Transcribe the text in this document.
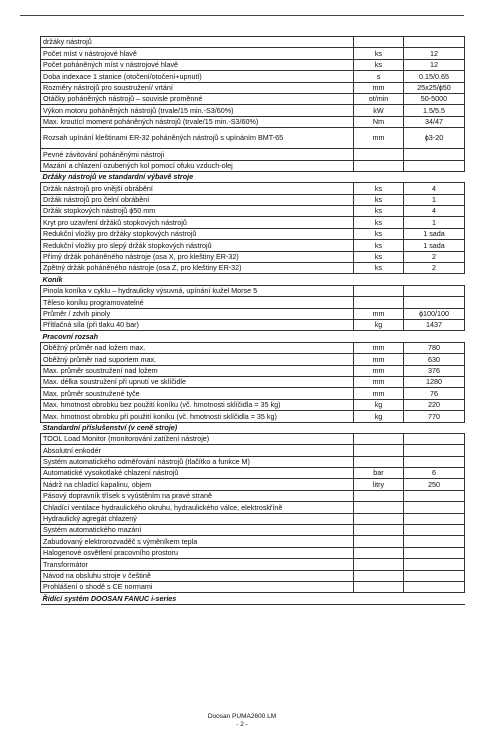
držáky nástrojů		
Počet míst v nástrojové hlavě	ks	12
Počet poháněných míst v nástrojové hlavě	ks	12
Doba indexace 1 stanice (otočení/otočení+upnutí)	s	0.15/0.65
Rozměry nástrojů pro soustružení/ vrtání	mm	25x25/ϕ50
Otáčky poháněných nástrojů – souvisle proměnné	ot/min	50-5000
Výkon motoru poháněných nástrojů (trvale/15 min.-S3/60%)	kW	1.5/5.5
Max. kroutící moment poháněných nástrojů (trvale/15 min.-S3/60%)	Nm	34/47
Rozsah upínání kleštinami ER-32 poháněných nástrojů s upínáním BMT-65	mm	ϕ3-20
Pevné závitování poháněnými nástroji		
Mazání a chlazení ozubených kol pomocí ofuku vzduch-olej		
Držáky nástrojů ve standardní výbavě stroje		
Držák nástrojů pro vnější obrábění	ks	4
Držák nástrojů pro čelní obrábění	ks	1
Držák stopkových nástrojů ϕ50 mm	ks	4
Kryt pro uzavření držáků stopkových nástrojů	ks	1
Redukční vložky pro držáky stopkových nástrojů	ks	1 sada
Redukční vložky pro slepý držák stopkových nástrojů	ks	1 sada
Přímý držák poháněného nástroje (osa X, pro kleštiny ER-32)	ks	2
Zpětný držák poháněného nástroje (osa Z, pro kleštiny ER-32)	ks	2
Koník		
Pinola koníka v cyklu – hydraulicky výsuvná, upínání kužel Morse 5		
Těleso koníku programovatelné		
Průměr / zdvih pinoly	mm	ϕ100/100
Přítlačná síla (při tlaku 40 bar)	kg	1437
Pracovní rozsah		
Oběžný průměr nad ložem max.	mm	780
Oběžný průměr nad suportem max.	mm	630
Max. průměr soustružení nad ložem	mm	376
Max. délka soustružení při upnutí ve sklíčidle	mm	1280
Max. průměr soustružené tyče	mm	76
Max. hmotnost obrobku bez použití koníku (vč. hmotnosti sklíčidla = 35 kg)	kg	220
Max. hmotnost obrobku při použití koníku (vč. hmotnosti sklíčidla = 35 kg)	kg	770
Standardní příslušenství (v ceně stroje)		
TOOL Load Monitor (monitorování zatížení nástroje)		
Absolutní enkodér		
Systém automatického odměřování nástrojů (tlačítko a funkce M)		
Automatické vysokotlaké chlazení nástrojů	bar	6
Nádrž na chladící kapalinu, objem	litry	250
Pásový dopravník třísek s vyústěním na pravé straně		
Chladící ventilace hydraulického okruhu, hydraulického válce, elektroskříně		
Hydraulický agregát chlazený		
Systém automatického mazání		
Zabudovaný elektrorozvaděč s výměníkem tepla		
Halogenové osvětlení pracovního prostoru		
Transformátor		
Návod na obsluhu stroje v češtině		
Prohlášení o shodě s CE normami		
Řídící systém DOOSAN FANUC i-series		
Doosan PUMA2600 LM
- 2 -
